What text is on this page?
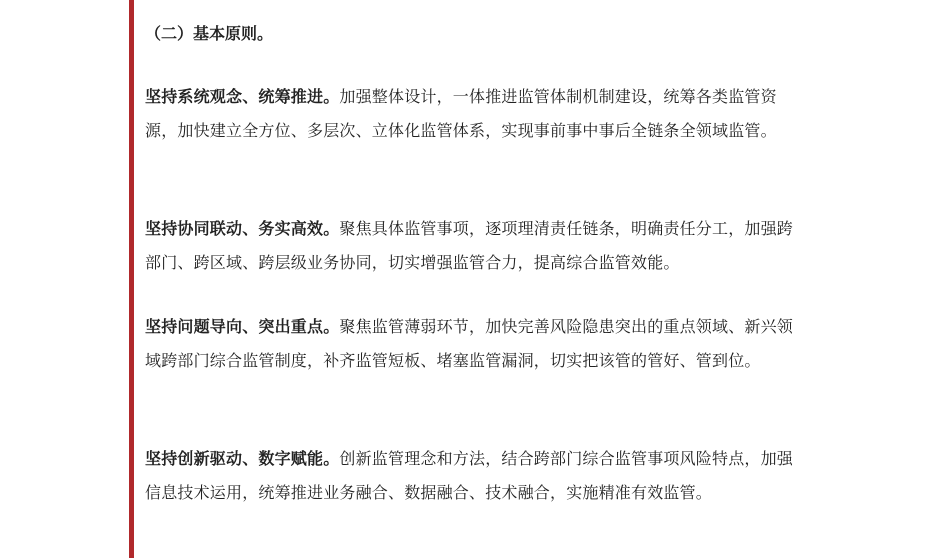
（二）基本原则。
坚持系统观念、统筹推进。加强整体设计，一体推进监管体制机制建设，统筹各类监管资源，加快建立全方位、多层次、立体化监管体系，实现事前事中事后全链条全领域监管。
坚持协同联动、务实高效。聚焦具体监管事项，逐项理清责任链条，明确责任分工，加强跨部门、跨区域、跨层级业务协同，切实增强监管合力，提高综合监管效能。
坚持问题导向、突出重点。聚焦监管薄弱环节，加快完善风险隐患突出的重点领域、新兴领域跨部门综合监管制度，补齐监管短板、堵塞监管漏洞，切实把该管的管好、管到位。
坚持创新驱动、数字赋能。创新监管理念和方法，结合跨部门综合监管事项风险特点，加强信息技术运用，统筹推进业务融合、数据融合、技术融合，实施精准有效监管。
